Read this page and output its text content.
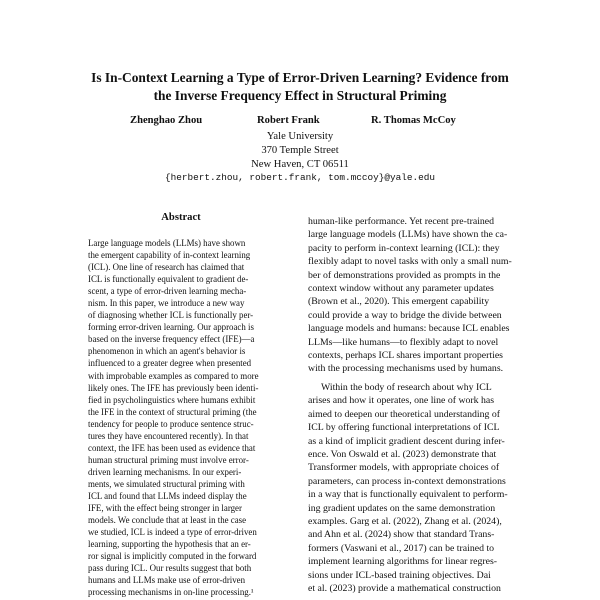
Is In-Context Learning a Type of Error-Driven Learning? Evidence from
the Inverse Frequency Effect in Structural Priming
Zhenghao Zhou	Robert Frank	R. Thomas McCoy
Yale University
370 Temple Street
New Haven, CT 06511
{herbert.zhou, robert.frank, tom.mccoy}@yale.edu
Abstract
Large language models (LLMs) have shown
the emergent capability of in-context learning
(ICL). One line of research has claimed that
ICL is functionally equivalent to gradient de-
scent, a type of error-driven learning mecha-
nism. In this paper, we introduce a new way
of diagnosing whether ICL is functionally per-
forming error-driven learning. Our approach is
based on the inverse frequency effect (IFE)—a
phenomenon in which an agent's behavior is
influenced to a greater degree when presented
with improbable examples as compared to more
likely ones. The IFE has previously been identi-
fied in psycholinguistics where humans exhibit
the IFE in the context of structural priming (the
tendency for people to produce sentence struc-
tures they have encountered recently). In that
context, the IFE has been used as evidence that
human structural priming must involve error-
driven learning mechanisms. In our experi-
ments, we simulated structural priming with
ICL and found that LLMs indeed display the
IFE, with the effect being stronger in larger
models. We conclude that at least in the case
we studied, ICL is indeed a type of error-driven
learning, supporting the hypothesis that an er-
ror signal is implicitly computed in the forward
pass during ICL. Our results suggest that both
humans and LLMs make use of error-driven
processing mechanisms in on-line processing.¹
human-like performance. Yet recent pre-trained
large language models (LLMs) have shown the ca-
pacity to perform in-context learning (ICL): they
flexibly adapt to novel tasks with only a small num-
ber of demonstrations provided as prompts in the
context window without any parameter updates
(Brown et al., 2020). This emergent capability
could provide a way to bridge the divide between
language models and humans: because ICL enables
LLMs—like humans—to flexibly adapt to novel
contexts, perhaps ICL shares important properties
with the processing mechanisms used by humans.
Within the body of research about why ICL
arises and how it operates, one line of work has
aimed to deepen our theoretical understanding of
ICL by offering functional interpretations of ICL
as a kind of implicit gradient descent during infer-
ence. Von Oswald et al. (2023) demonstrate that
Transformer models, with appropriate choices of
parameters, can process in-context demonstrations
in a way that is functionally equivalent to perform-
ing gradient updates on the same demonstration
examples. Garg et al. (2022), Zhang et al. (2024),
and Ahn et al. (2024) show that standard Trans-
formers (Vaswani et al., 2017) can be trained to
implement learning algorithms for linear regres-
sions under ICL-based training objectives. Dai
et al. (2023) provide a mathematical construction
